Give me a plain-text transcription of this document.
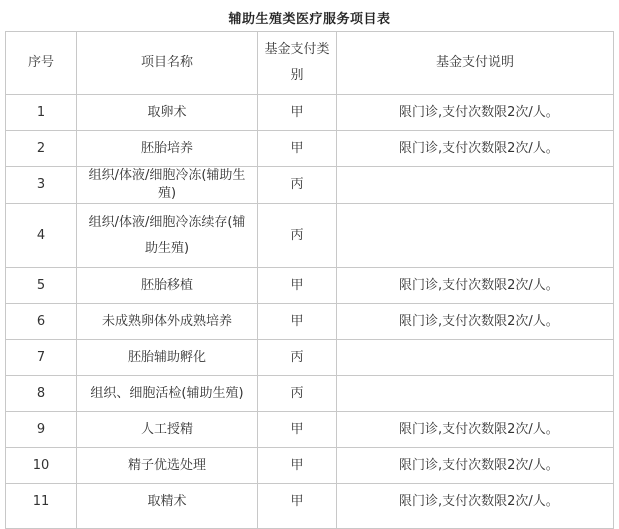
辅助生殖类医疗服务项目表
序号	项目名称	基金支付类别	基金支付说明
1	取卵术	甲	限门诊,支付次数限2次/人。
2	胚胎培养	甲	限门诊,支付次数限2次/人。
3	组织/体液/细胞冷冻(辅助生殖)	丙	
4	组织/体液/细胞冷冻续存(辅助生殖)	丙	
5	胚胎移植	甲	限门诊,支付次数限2次/人。
6	未成熟卵体外成熟培养	甲	限门诊,支付次数限2次/人。
7	胚胎辅助孵化	丙	
8	组织、细胞活检(辅助生殖)	丙	
9	人工授精	甲	限门诊,支付次数限2次/人。
10	精子优选处理	甲	限门诊,支付次数限2次/人。
11	取精术	甲	限门诊,支付次数限2次/人。
